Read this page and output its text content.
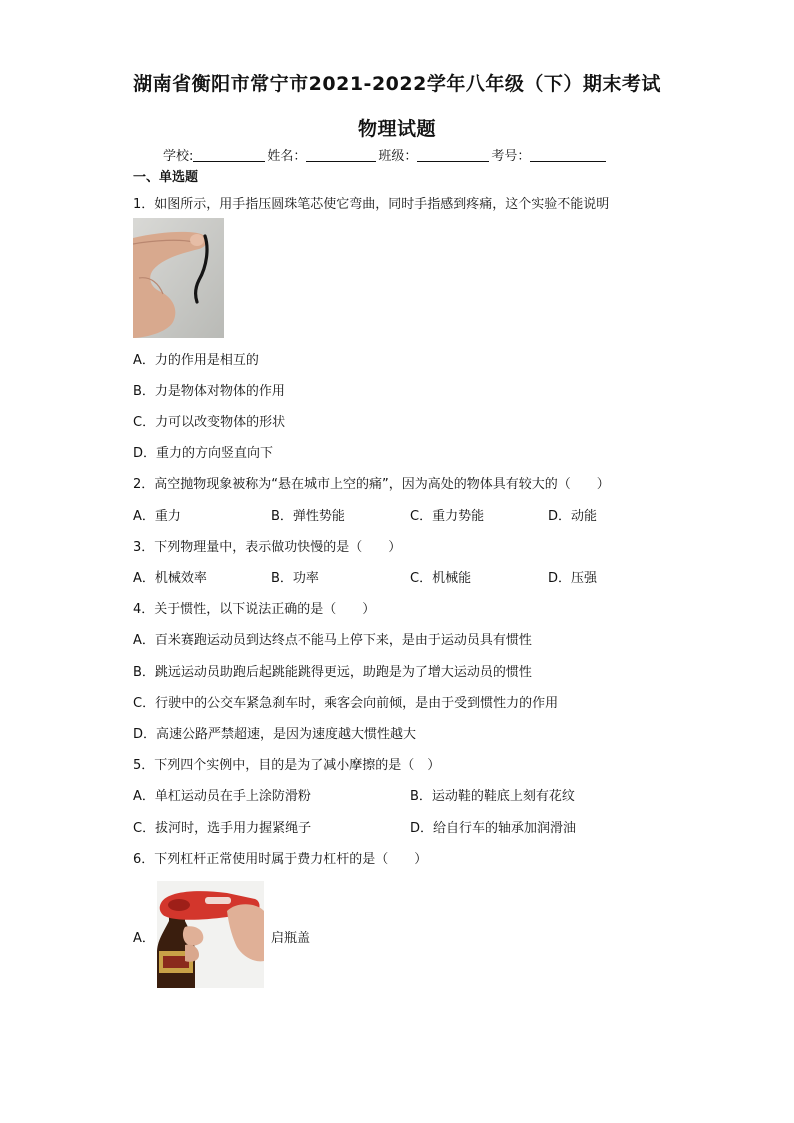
湖南省衡阳市常宁市2021-2022学年八年级（下）期末考试
物理试题
学校:	姓名：	班级：	考号：
一、单选题
1．如图所示，用手指压圆珠笔芯使它弯曲，同时手指感到疼痛，这个实验不能说明
A．力的作用是相互的
B．力是物体对物体的作用
C．力可以改变物体的形状
D．重力的方向竖直向下
2．高空抛物现象被称为“悬在城市上空的痛”，因为高处的物体具有较大的（　　）
A．重力	B．弹性势能	C．重力势能	D．动能
3．下列物理量中，表示做功快慢的是（　　）
A．机械效率	B．功率	C．机械能	D．压强
4．关于惯性，以下说法正确的是（　　）
A．百米赛跑运动员到达终点不能马上停下来，是由于运动员具有惯性
B．跳远运动员助跑后起跳能跳得更远，助跑是为了增大运动员的惯性
C．行驶中的公交车紧急刹车时，乘客会向前倾，是由于受到惯性力的作用
D．高速公路严禁超速，是因为速度越大惯性越大
5．下列四个实例中，目的是为了减小摩擦的是（　）
A．单杠运动员在手上涂防滑粉	B．运动鞋的鞋底上刻有花纹
C．拔河时，选手用力握紧绳子	D．给自行车的轴承加润滑油
6．下列杠杆正常使用时属于费力杠杆的是（　　）
A．	启瓶盖
